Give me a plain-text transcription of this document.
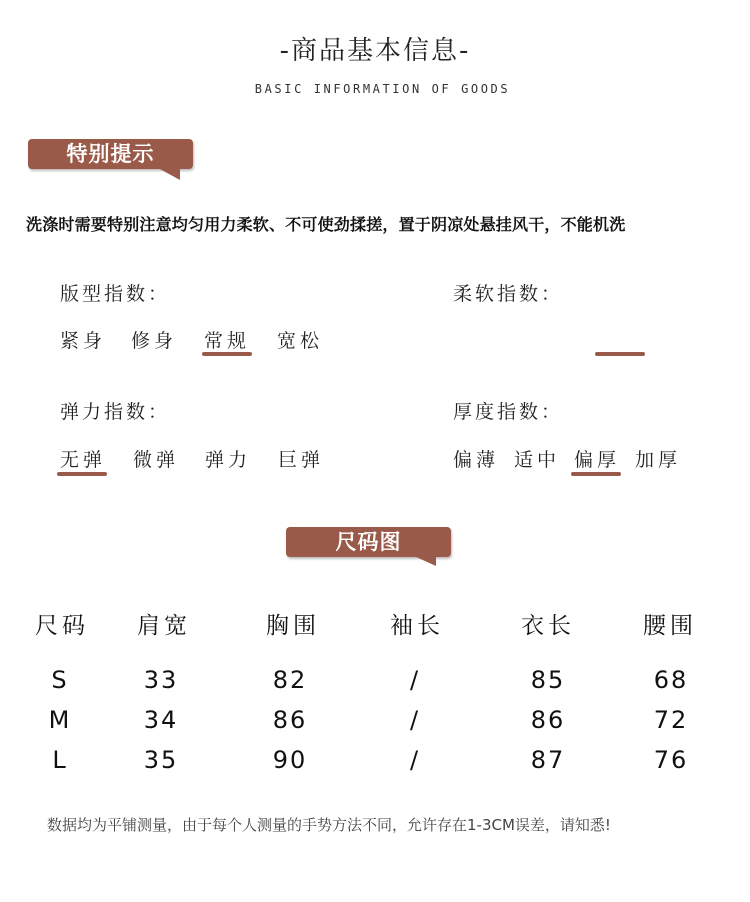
-商品基本信息-
BASIC INFORMATION OF GOODS
特别提示
洗涤时需要特别注意均匀用力柔软、不可使劲揉搓，置于阴凉处悬挂风干，不能机洗
版型指数：
紧身 修身 常规 宽松
柔软指数：
弹力指数：
无弹 微弹 弹力 巨弹
厚度指数：
偏薄 适中 偏厚 加厚
尺码图
尺码	肩宽	胸围	袖长	衣长	腰围
S	33	82	/	85	68
M	34	86	/	86	72
L	35	90	/	87	76
数据均为平铺测量，由于每个人测量的手势方法不同，允许存在1-3CM误差，请知悉!
